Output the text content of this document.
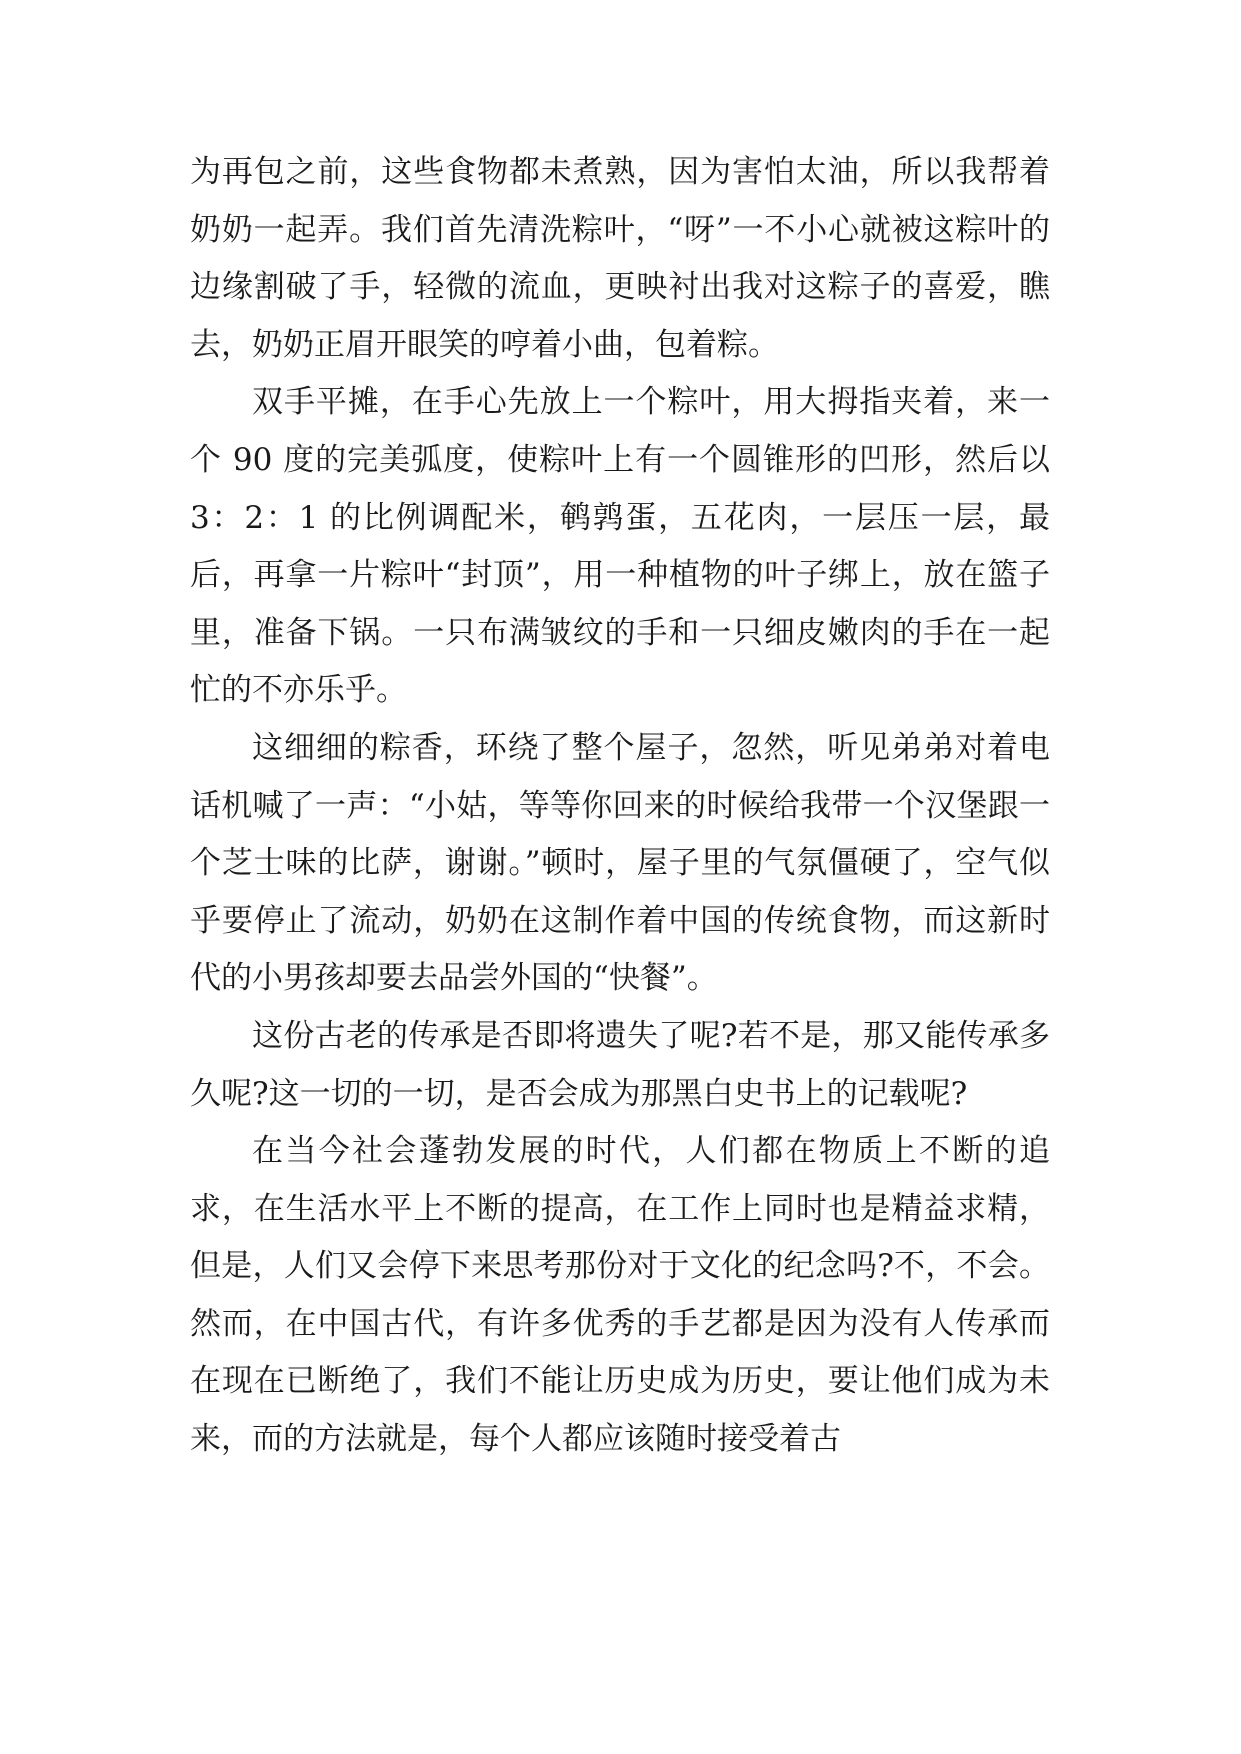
为再包之前，这些食物都未煮熟，因为害怕太油，所以我帮着奶奶一起弄。我们首先清洗粽叶，“呀”一不小心就被这粽叶的边缘割破了手，轻微的流血，更映衬出我对这粽子的喜爱，瞧去，奶奶正眉开眼笑的哼着小曲，包着粽。

双手平摊，在手心先放上一个粽叶，用大拇指夹着，来一个 90 度的完美弧度，使粽叶上有一个圆锥形的凹形，然后以 3：2：1 的比例调配米，鹌鹑蛋，五花肉，一层压一层，最后，再拿一片粽叶“封顶”，用一种植物的叶子绑上，放在篮子里，准备下锅。一只布满皱纹的手和一只细皮嫩肉的手在一起忙的不亦乐乎。

这细细的粽香，环绕了整个屋子，忽然，听见弟弟对着电话机喊了一声：“小姑，等等你回来的时候给我带一个汉堡跟一个芝士味的比萨，谢谢。”顿时，屋子里的气氛僵硬了，空气似乎要停止了流动，奶奶在这制作着中国的传统食物，而这新时代的小男孩却要去品尝外国的“快餐”。

这份古老的传承是否即将遗失了呢?若不是，那又能传承多久呢?这一切的一切，是否会成为那黑白史书上的记载呢?

在当今社会蓬勃发展的时代，人们都在物质上不断的追求，在生活水平上不断的提高，在工作上同时也是精益求精，但是，人们又会停下来思考那份对于文化的纪念吗?不，不会。然而，在中国古代，有许多优秀的手艺都是因为没有人传承而在现在已断绝了，我们不能让历史成为历史，要让他们成为未来，而的方法就是，每个人都应该随时接受着古
